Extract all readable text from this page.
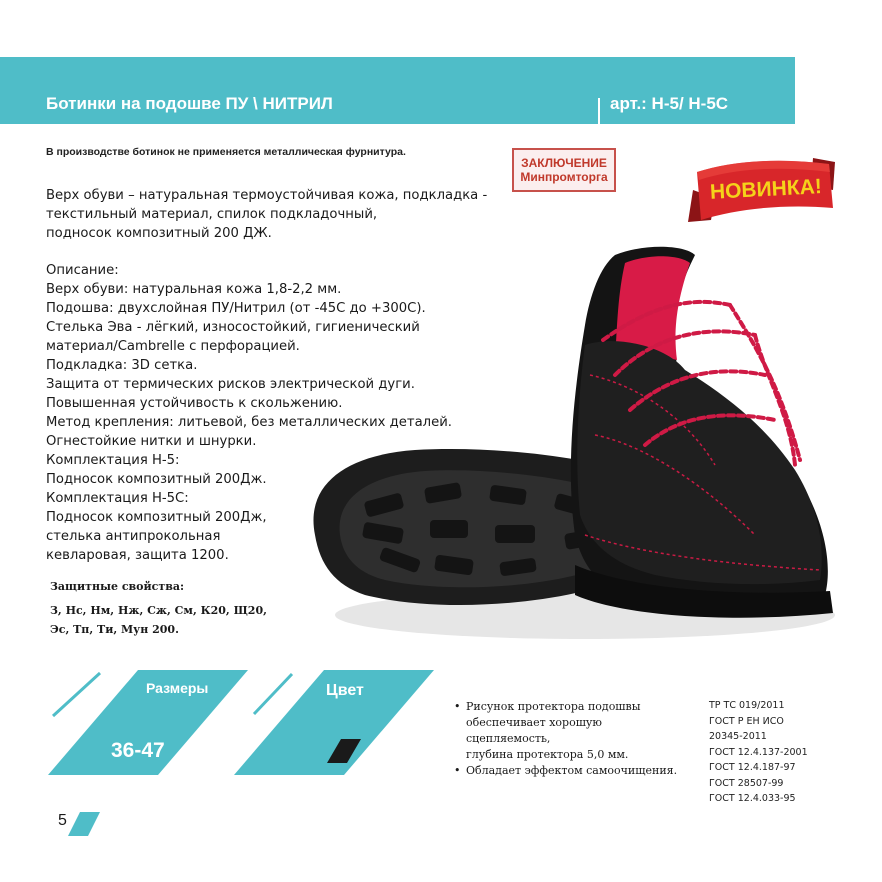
Ботинки на подошве ПУ \ НИТРИЛ	арт.: Н-5/ Н-5С
В производстве ботинок не применяется металлическая фурнитура.
ЗАКЛЮЧЕНИЕ
Минпромторга	НОВИНКА!
Верх обуви – натуральная термоустойчивая кожа, подкладка -
текстильный материал, спилок подкладочный,
подносок композитный 200 ДЖ.
Описание:
Верх обуви: натуральная кожа 1,8-2,2 мм.
Подошва: двухслойная ПУ/Нитрил (от -45С до +300С).
Стелька Эва - лёгкий, износостойкий, гигиенический
материал/Cambrelle с перфорацией.
Подкладка: 3D сетка.
Защита от термических рисков электрической дуги.
Повышенная устойчивость к скольжению.
Метод крепления: литьевой, без металлических деталей.
Огнестойкие нитки и шнурки.
Комплектация Н-5:
Подносок композитный 200Дж.
Комплектация Н-5С:
Подносок композитный 200Дж,
стелька антипрокольная
кевларовая, защита 1200.
Защитные свойства:
З, Нс, Нм, Нж, Сж, См, К20, Щ20,
Эс, Тп, Ти, Мун 200.
Размеры
36-47
Цвет
• Рисунок протектора подошвы
обеспечивает хорошую
сцепляемость,
глубина протектора 5,0 мм.
• Обладает эффектом самоочищения.
ТР ТС 019/2011
ГОСТ Р ЕН ИСО
20345-2011
ГОСТ 12.4.137-2001
ГОСТ 12.4.187-97
ГОСТ 28507-99
ГОСТ 12.4.033-95
5
